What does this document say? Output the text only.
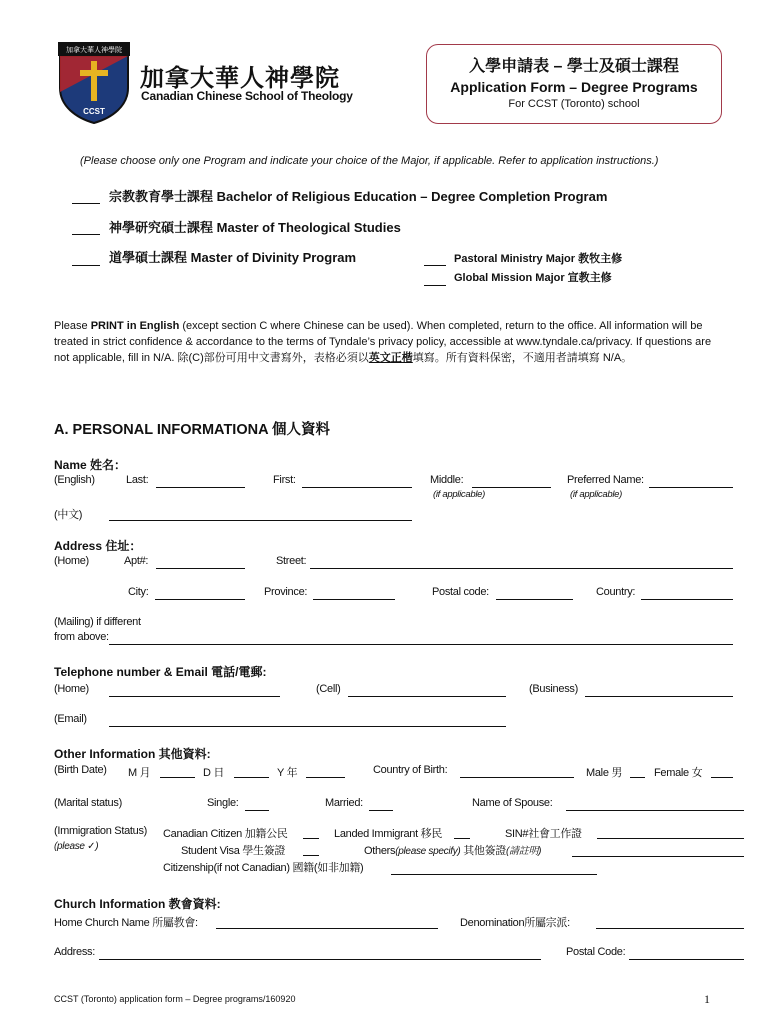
CCST
加拿大華人神學院
加拿大華人神學院
Canadian Chinese School of Theology
入學申請表 – 學士及碩士課程
Application Form – Degree Programs
For CCST (Toronto) school
(Please choose only one Program and indicate your choice of the Major, if applicable. Refer to application instructions.)
宗教教育學士課程 Bachelor of Religious Education – Degree Completion Program
神學研究碩士課程 Master of Theological Studies
道學碩士課程 Master of Divinity Program	Pastoral Ministry Major 教牧主修
Global Mission Major 宣教主修
Please PRINT in English (except section C where Chinese can be used). When completed, return to the office. All information will be treated in strict confidence & accordance to the terms of Tyndale’s privacy policy, accessible at www.tyndale.ca/privacy. If questions are not applicable, fill in N/A. 除(C)部份可用中文書寫外，表格必須以英文正楷填寫。所有資料保密，不適用者請填寫 N/A。
A. PERSONAL INFORMATIONA 個人資料
Name 姓名：
(English)	Last:	First:	Middle:	Preferred Name:
(if applicable)	(if applicable)
(中文)
Address 住址：
(Home)	Apt#:	Street:
City:	Province:	Postal code:	Country:
(Mailing) if different
from above:
Telephone number & Email 電話/電郵:
(Home)	(Cell)	(Business)
(Email)
Other Information 其他資料:
(Birth Date) M 月	D 日	Y 年	Country of Birth:	Male 男	Female 女
(Marital status)	Single:	Married:	Name of Spouse:
(Immigration Status)
(please ✓)
Canadian Citizen 加籍公民	Landed Immigrant 移民	SIN#社會工作證
Student Visa 學生簽證	Others(please specify) 其他簽證(請註明)
Citizenship(if not Canadian) 國籍(如非加籍)
Church Information 教會資料:
Home Church Name 所屬教會:	Denomination所屬宗派:
Address:	Postal Code:
CCST (Toronto) application form – Degree programs/160920	1
